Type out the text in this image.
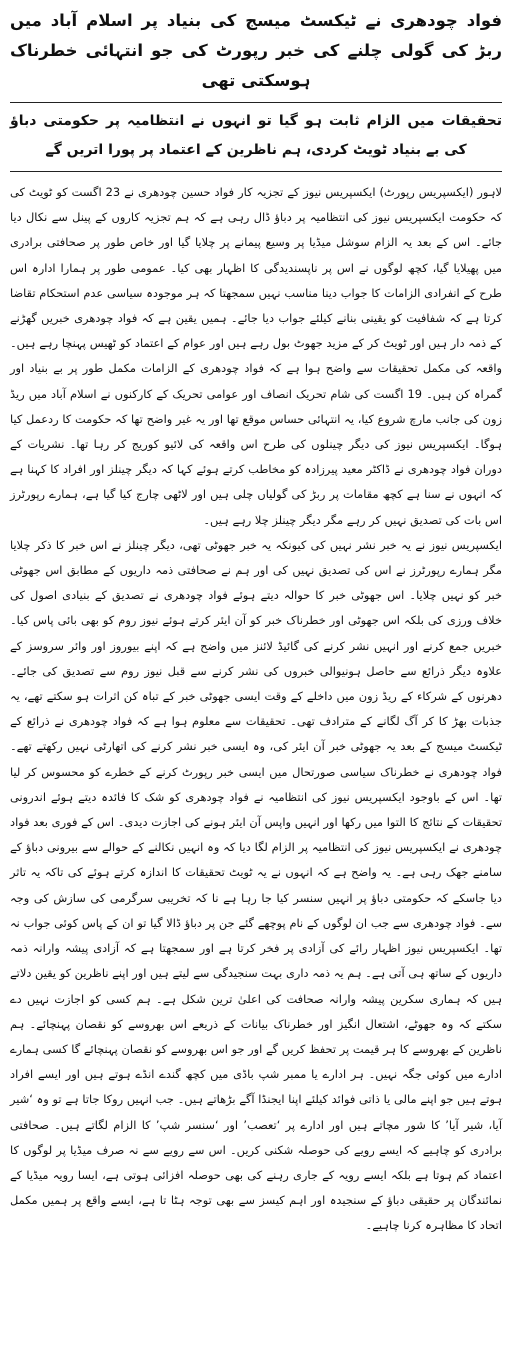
فواد چودھری نے ٹیکسٹ میسج کی بنیاد پر اسلام آباد میں ربڑ کی گولی چلنے کی خبر رپورٹ کی جو انتہائی خطرناک ہوسکتی تھی
تحقیقات میں الزام ثابت ہو گیا تو انہوں نے انتظامیہ پر حکومتی دباؤ کی بے بنیاد ٹویٹ کردی، ہم ناظرین کے اعتماد پر پورا اتریں گے

لاہور (ایکسپریس رپورٹ) ایکسپریس نیوز کے تجزیہ کار فواد حسین چودھری نے 23 اگست کو ٹویٹ کی کہ حکومت ایکسپریس نیوز کی انتظامیہ پر دباؤ ڈال رہی ہے کہ ہم تجزیہ کاروں کے پینل سے نکال دیا جائے۔ اس کے بعد یہ الزام سوشل میڈیا پر وسیع پیمانے پر چلایا گیا اور خاص طور پر صحافتی برادری میں پھیلایا گیا، کچھ لوگوں نے اس پر ناپسندیدگی کا اظہار بھی کیا۔ عمومی طور پر ہمارا ادارہ اس طرح کے انفرادی الزامات کا جواب دینا مناسب نہیں سمجھتا کہ ہر موجودہ سیاسی عدم استحکام تقاضا کرتا ہے کہ شفافیت کو یقینی بنانے کیلئے جواب دیا جائے۔ ہمیں یقین ہے کہ فواد چودھری خبریں گھڑنے کے ذمہ دار ہیں اور ٹویٹ کر کے مزید جھوٹ بول رہے ہیں اور عوام کے اعتماد کو ٹھیس پہنچا رہے ہیں۔ واقعہ کی مکمل تحقیقات سے واضح ہوا ہے کہ فواد چودھری کے الزامات مکمل طور پر بے بنیاد اور گمراہ کن ہیں۔ 19 اگست کی شام تحریک انصاف اور عوامی تحریک کے کارکنوں نے اسلام آباد میں ریڈ زون کی جانب مارچ شروع کیا، یہ انتہائی حساس موقع تھا اور یہ غیر واضح تھا کہ حکومت کا ردعمل کیا ہوگا۔ ایکسپریس نیوز کی دیگر چینلوں کی طرح اس واقعہ کی لائیو کوریج کر رہا تھا۔ نشریات کے دوران فواد چودھری نے ڈاکٹر معید پیرزادہ کو مخاطب کرتے ہوئے کہا کہ دیگر چینلز اور افراد کا کہنا ہے کہ انہوں نے سنا ہے کچھ مقامات پر ربڑ کی گولیاں چلی ہیں اور لاٹھی چارج کیا گیا ہے، ہمارے رپورٹرز اس بات کی تصدیق نہیں کر رہے مگر دیگر چینلز چلا رہے ہیں۔

ایکسپریس نیوز نے یہ خبر نشر نہیں کی کیونکہ یہ خبر جھوٹی تھی، دیگر چینلز نے اس خبر کا ذکر چلایا مگر ہمارے رپورٹرز نے اس کی تصدیق نہیں کی اور ہم نے صحافتی ذمہ داریوں کے مطابق اس جھوٹی خبر کو نہیں چلایا۔ اس جھوٹی خبر کا حوالہ دیتے ہوئے فواد چودھری نے تصدیق کے بنیادی اصول کی خلاف ورزی کی بلکہ اس جھوٹی اور خطرناک خبر کو آن ایئر کرتے ہوئے نیوز روم کو بھی بائی پاس کیا۔ خبریں جمع کرنے اور انہیں نشر کرنے کی گائیڈ لائنز میں واضح ہے کہ اپنے بیوروز اور وائر سروسز کے علاوہ دیگر ذرائع سے حاصل ہونیوالی خبروں کی نشر کرنے سے قبل نیوز روم سے تصدیق کی جائے۔ دھرنوں کے شرکاء کے ریڈ زون میں داخلے کے وقت ایسی جھوٹی خبر کے تباہ کن اثرات ہو سکتے تھے، یہ جذبات بھڑ کا کر آگ لگانے کے مترادف تھی۔ تحقیقات سے معلوم ہوا ہے کہ فواد چودھری نے ذرائع کے ٹیکسٹ میسج کے بعد یہ جھوٹی خبر آن ایئر کی، وہ ایسی خبر نشر کرنے کی اتھارٹی نہیں رکھتے تھے۔ فواد چودھری نے خطرناک سیاسی صورتحال میں ایسی خبر رپورٹ کرنے کے خطرے کو محسوس کر لیا تھا۔ اس کے باوجود ایکسپریس نیوز کی انتظامیہ نے فواد چودھری کو شک کا فائدہ دیتے ہوئے اندرونی تحقیقات کے نتائج کا التوا میں رکھا اور انہیں واپس آن ایئر ہونے کی اجازت دیدی۔ اس کے فوری بعد فواد چودھری نے ایکسپریس نیوز کی انتظامیہ پر الزام لگا دیا کہ وہ انہیں نکالنے کے حوالے سے بیرونی دباؤ کے سامنے جھک رہی ہے۔ یہ واضح ہے کہ انہوں نے یہ ٹویٹ تحقیقات کا اندازہ کرتے ہوئے کی تاکہ یہ تاثر دیا جاسکے کہ حکومتی دباؤ پر انہیں سنسر کیا جا رہا ہے نا کہ تخریبی سرگرمی کی سازش کی وجہ سے۔ فواد چودھری سے جب ان لوگوں کے نام پوچھے گئے جن پر دباؤ ڈالا گیا تو ان کے پاس کوئی جواب نہ تھا۔ ایکسپریس نیوز اظہار رائے کی آزادی پر فخر کرتا ہے اور سمجھتا ہے کہ آزادی پیشہ وارانہ ذمہ داریوں کے ساتھ ہی آتی ہے۔ ہم یہ ذمہ داری بہت سنجیدگی سے لیتے ہیں اور اپنے ناظرین کو یقین دلاتے ہیں کہ ہماری سکرین پیشہ وارانہ صحافت کی اعلیٰ ترین شکل ہے۔ ہم کسی کو اجازت نہیں دے سکتے کہ وہ جھوٹے، اشتعال انگیز اور خطرناک بیانات کے ذریعے اس بھروسے کو نقصان پہنچائے۔ ہم ناظرین کے بھروسے کا ہر قیمت پر تحفظ کریں گے اور جو اس بھروسے کو نقصان پہنچائے گا کسی ہمارے ادارے میں کوئی جگہ نہیں۔ ہر ادارے یا ممبر شپ باڈی میں کچھ گندے انڈے ہوتے ہیں اور ایسے افراد ہوتے ہیں جو اپنے مالی یا ذاتی فوائد کیلئے اپنا ایجنڈا آگے بڑھاتے ہیں۔ جب انہیں روکا جاتا ہے تو وہ ‘شیر آیا، شیر آیا’ کا شور مچاتے ہیں اور ادارے پر ‘تعصب’ اور ‘سنسر شپ’ کا الزام لگاتے ہیں۔ صحافتی برادری کو چاہیے کہ ایسے رویے کی حوصلہ شکنی کریں۔ اس سے رویے سے نہ صرف میڈیا پر لوگوں کا اعتماد کم ہوتا ہے بلکہ ایسے رویہ کے جاری رہنے کی بھی حوصلہ افزائی ہوتی ہے، ایسا رویہ میڈیا کے نمائندگان پر حقیقی دباؤ کے سنجیدہ اور اہم کیسز سے بھی توجہ ہٹا تا ہے، ایسے واقع پر ہمیں مکمل اتحاد کا مظاہرہ کرنا چاہیے۔
